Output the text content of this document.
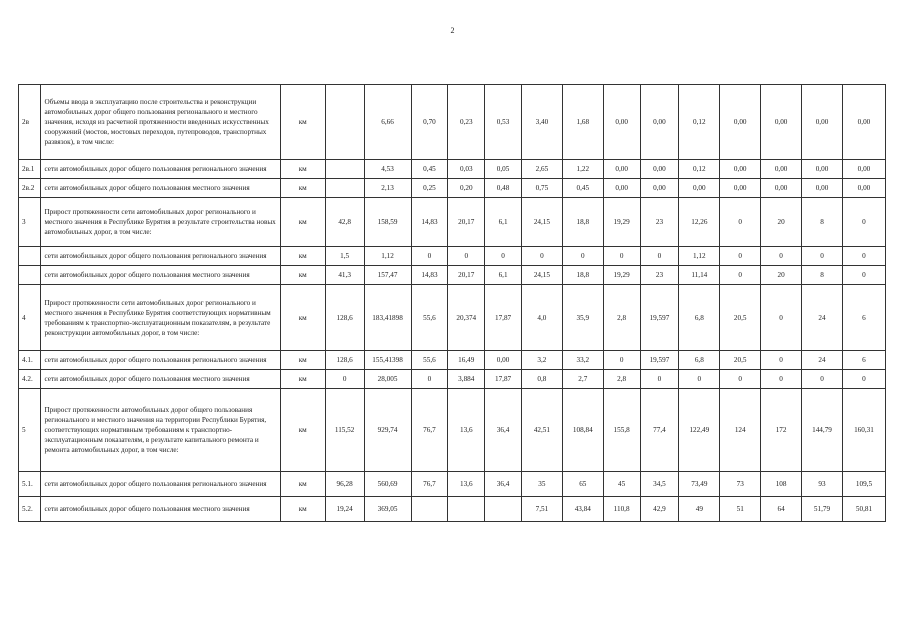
2
2в	Объемы ввода в эксплуатацию после строительства и реконструкции автомобильных дорог общего пользования регионального и местного значения, исходя из расчетной протяженности введенных искусственных сооружений (мостов, мостовых переходов, путепроводов, транспортных развязок), в том числе:	км		6,66	0,70	0,23	0,53	3,40	1,68	0,00	0,00	0,12	0,00	0,00	0,00	0,00
2в.1	сети автомобильных дорог общего пользования регионального значения	км		4,53	0,45	0,03	0,05	2,65	1,22	0,00	0,00	0,12	0,00	0,00	0,00	0,00
2в.2	сети автомобильных дорог общего пользования местного значения	км		2,13	0,25	0,20	0,48	0,75	0,45	0,00	0,00	0,00	0,00	0,00	0,00	0,00
3	Прирост протяженности сети автомобильных дорог регионального и местного значения в Республике Бурятия в результате строительства новых автомобильных дорог, в том числе:	км	42,8	158,59	14,83	20,17	6,1	24,15	18,8	19,29	23	12,26	0	20	8	0
	сети автомобильных дорог общего пользования регионального значения	км	1,5	1,12	0	0	0	0	0	0	0	1,12	0	0	0	0
	сети автомобильных дорог общего пользования местного значения	км	41,3	157,47	14,83	20,17	6,1	24,15	18,8	19,29	23	11,14	0	20	8	0
4	Прирост протяженности сети автомобильных дорог регионального и местного значения в Республике Бурятия соответствующих нормативным требованиям к транспортно-эксплуатационным показателям, в результате реконструкции автомобильных дорог, в том числе:	км	128,6	183,41898	55,6	20,374	17,87	4,0	35,9	2,8	19,597	6,8	20,5	0	24	6
4.1.	сети автомобильных дорог общего пользования регионального значения	км	128,6	155,41398	55,6	16,49	0,00	3,2	33,2	0	19,597	6,8	20,5	0	24	6
4.2.	сети автомобильных дорог общего пользования местного значения	км	0	28,005	0	3,884	17,87	0,8	2,7	2,8	0	0	0	0	0	0
5	Прирост протяженности автомобильных дорог общего пользования регионального и местного значения на территории Республики Бурятия, соответствующих нормативным требованиям к транспортно-эксплуатационным показателям, в результате капитального ремонта и ремонта автомобильных дорог, в том числе:	км	115,52	929,74	76,7	13,6	36,4	42,51	108,84	155,8	77,4	122,49	124	172	144,79	160,31
5.1.	сети автомобильных дорог общего пользования регионального значения	км	96,28	560,69	76,7	13,6	36,4	35	65	45	34,5	73,49	73	108	93	109,5
5.2.	сети автомобильных дорог общего пользования местного значения	км	19,24	369,05				7,51	43,84	110,8	42,9	49	51	64	51,79	50,81
